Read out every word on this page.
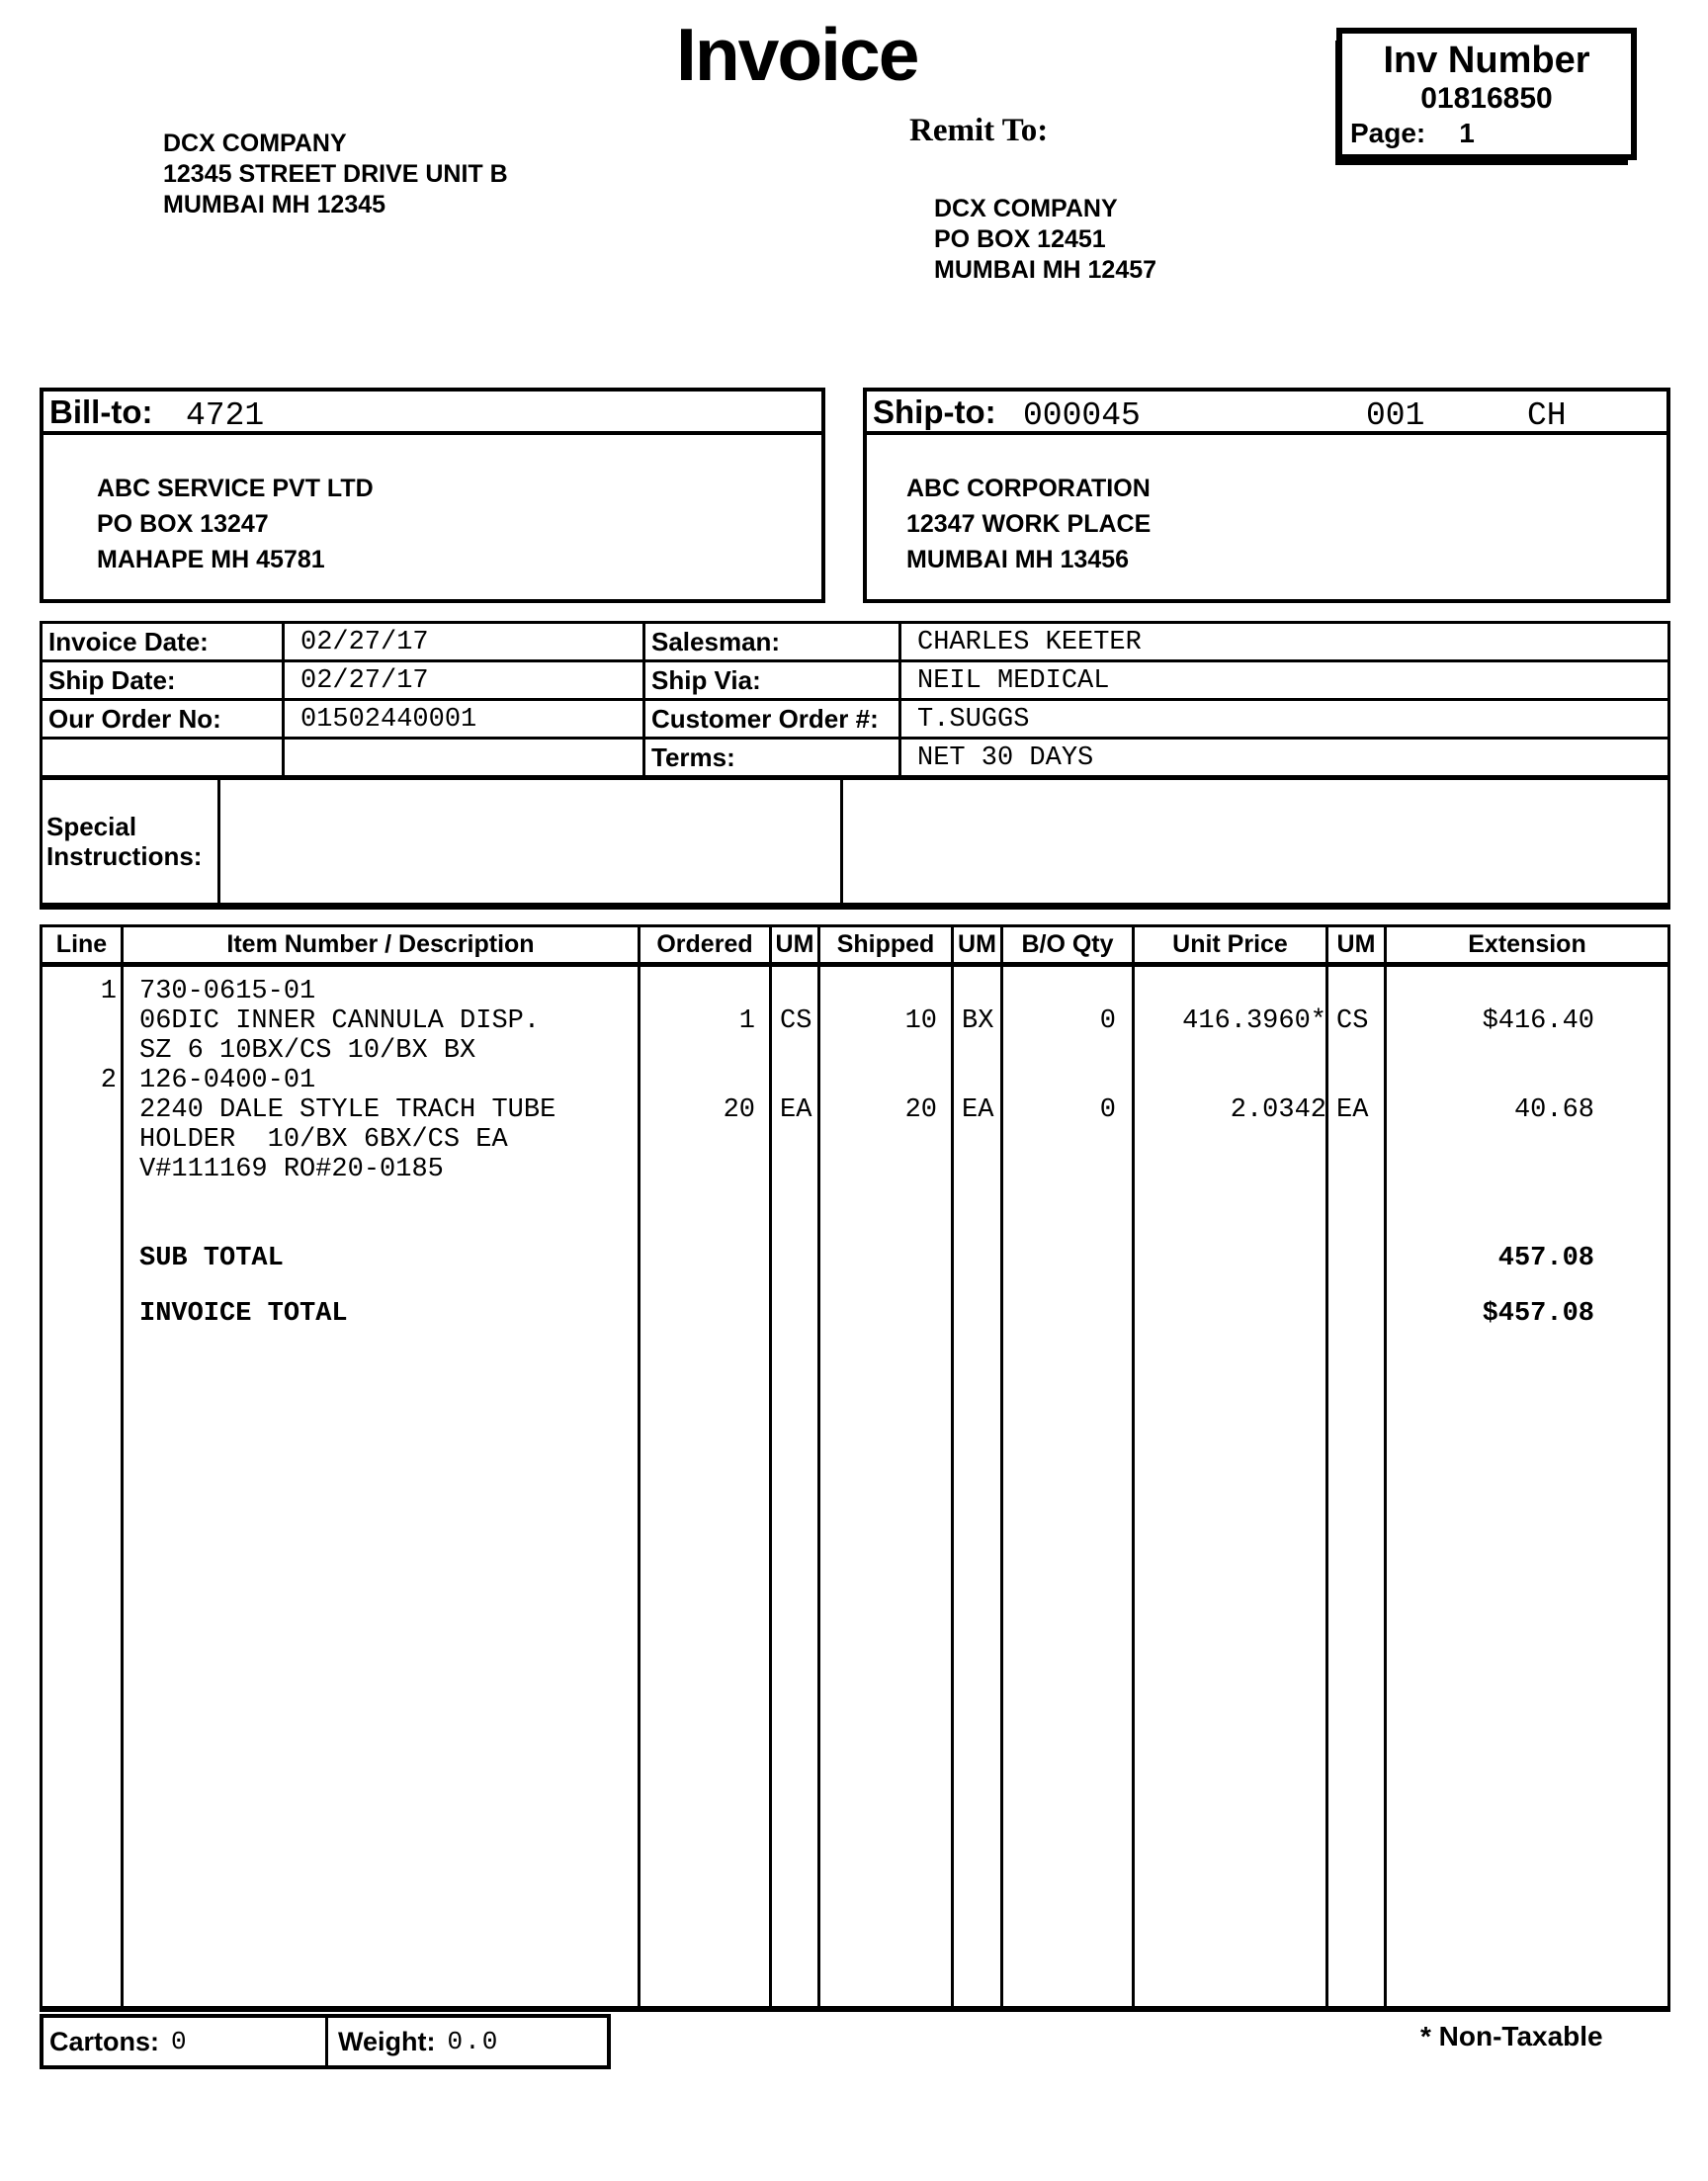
Invoice	Inv Number
01816850
Page: 1
DCX COMPANY
12345 STREET DRIVE UNIT B
MUMBAI MH 12345
Remit To:
DCX COMPANY
PO BOX 12451
MUMBAI MH 12457
Bill-to: 4721
ABC SERVICE PVT LTD
PO BOX 13247
MAHAPE MH 45781
Ship-to: 000045	001	CH
ABC CORPORATION
12347 WORK PLACE
MUMBAI MH 13456
Invoice Date:	02/27/17	Salesman:	CHARLES KEETER
Ship Date:	02/27/17	Ship Via:	NEIL MEDICAL
Our Order No:	01502440001	Customer Order #:	T.SUGGS
Terms:	NET 30 DAYS
Special Instructions:
Line	Item Number / Description	Ordered UM Shipped UM	B/O Qty	Unit Price	UM	Extension
1 730-0615-01
06DIC INNER CANNULA DISP.
SZ 6 10BX/CS 10/BX BX
1 CS	10 BX	0	416.3960* CS	$416.40
2 126-0400-01
2240 DALE STYLE TRACH TUBE
HOLDER  10/BX 6BX/CS EA
V#111169 RO#20-0185
20 EA	20 EA	0	2.0342 EA	40.68
SUB TOTAL	457.08
INVOICE TOTAL	$457.08
Cartons: 0	Weight: 0.0	* Non-Taxable
